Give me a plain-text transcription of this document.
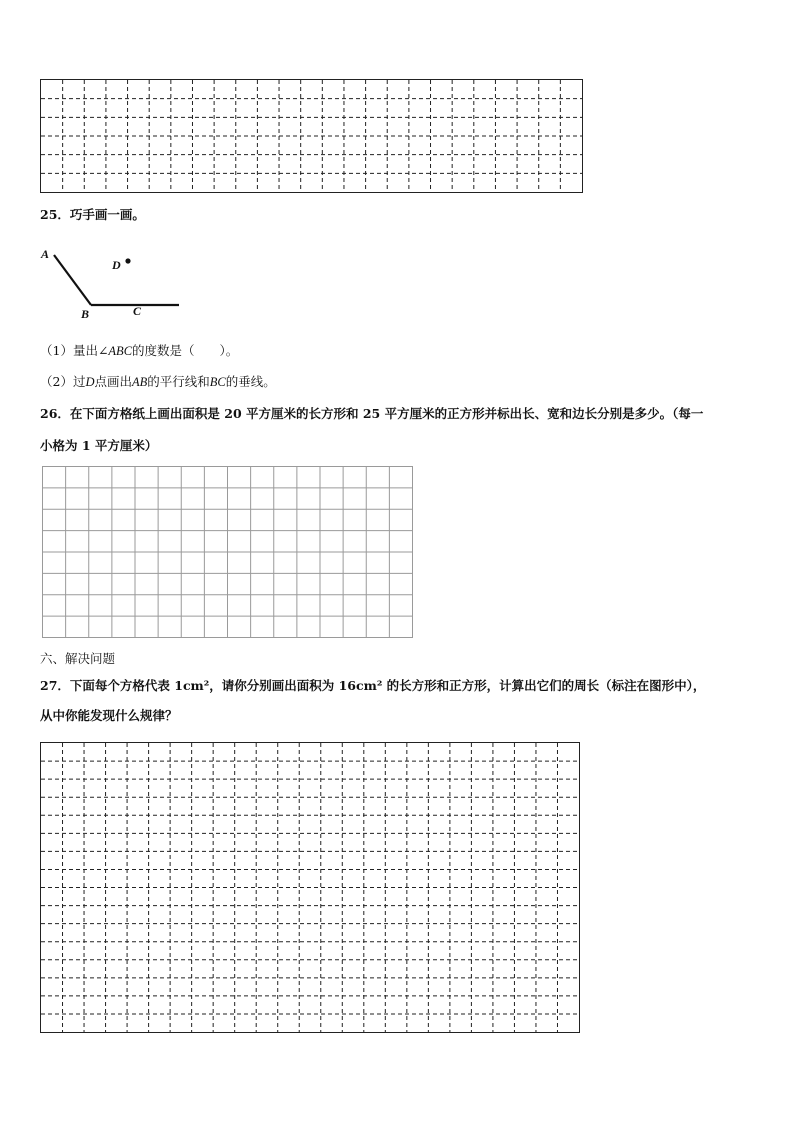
25．巧手画一画。
A
D
B	C
（1）量出∠ABC的度数是（　　）。
（2）过D点画出AB的平行线和BC的垂线。
26．在下面方格纸上画出面积是 20 平方厘米的长方形和 25 平方厘米的正方形并标出长、宽和边长分别是多少。（每一
小格为 1 平方厘米）
六、解决问题
27．下面每个方格代表 1cm²，请你分别画出面积为 16cm² 的长方形和正方形，计算出它们的周长（标注在图形中），
从中你能发现什么规律？
